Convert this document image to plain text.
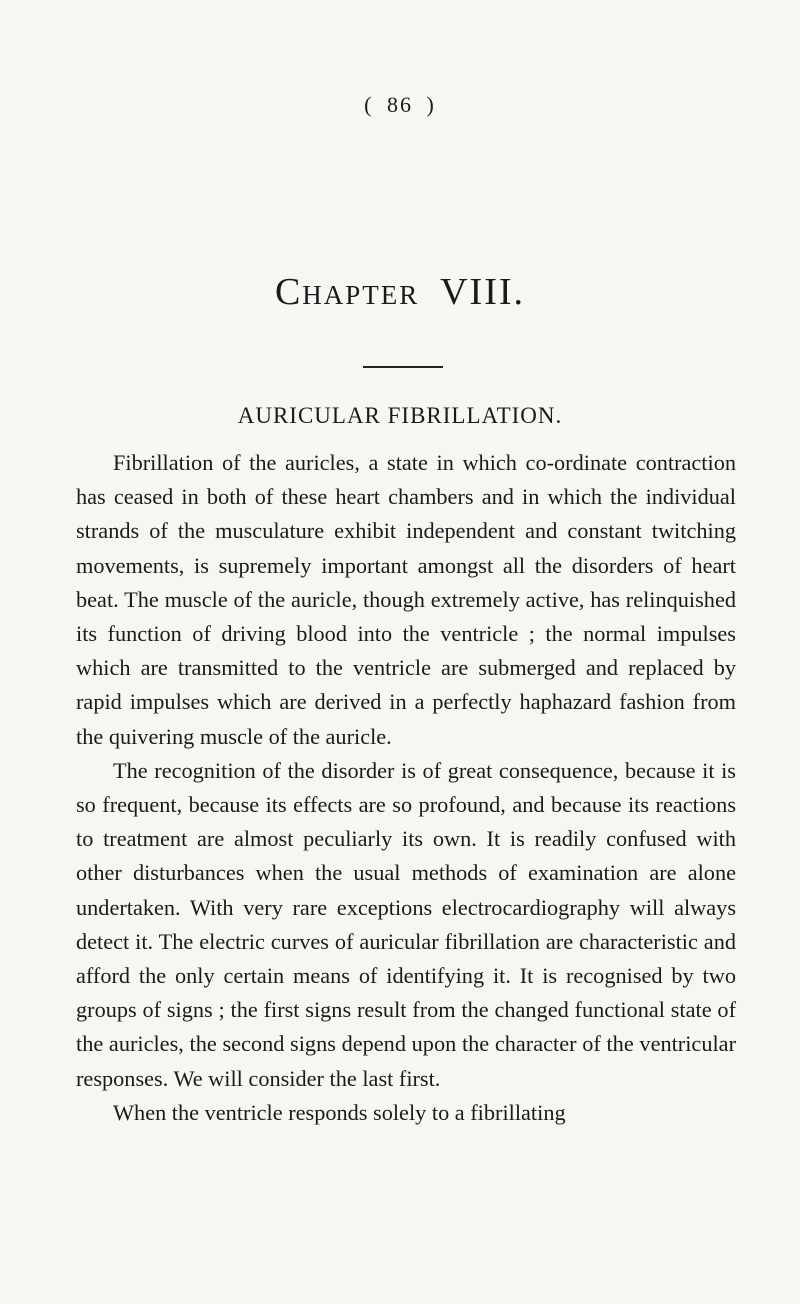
( 86 )
Chapter VIII.
AURICULAR FIBRILLATION.

Fibrillation of the auricles, a state in which co-ordinate contraction has ceased in both of these heart chambers and in which the individual strands of the musculature exhibit independent and constant twitching movements, is supremely important amongst all the disorders of heart beat. The muscle of the auricle, though extremely active, has relinquished its function of driving blood into the ventricle ; the normal impulses which are transmitted to the ventricle are submerged and replaced by rapid impulses which are derived in a perfectly haphazard fashion from the quivering muscle of the auricle.

The recognition of the disorder is of great consequence, because it is so frequent, because its effects are so profound, and because its reactions to treatment are almost peculiarly its own. It is readily confused with other disturbances when the usual methods of examination are alone undertaken. With very rare exceptions electrocardiography will always detect it. The electric curves of auricular fibrillation are characteristic and afford the only certain means of identifying it. It is recognised by two groups of signs ; the first signs result from the changed functional state of the auricles, the second signs depend upon the character of the ventricular responses. We will consider the last first.

When the ventricle responds solely to a fibrillating
